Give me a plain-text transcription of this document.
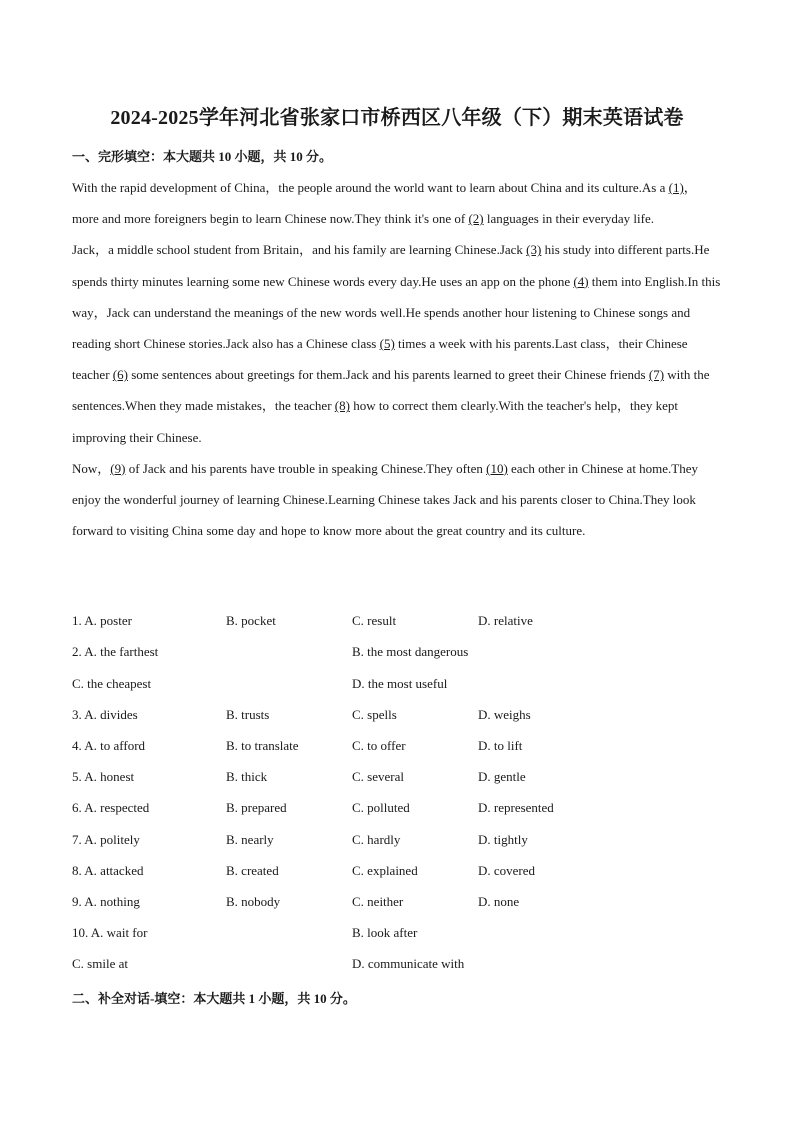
2024-2025学年河北省张家口市桥西区八年级（下）期末英语试卷
一、完形填空：本大题共 10 小题，共 10 分。

With the rapid development of China，the people around the world want to learn about China and its culture.As a (1)，more and more foreigners begin to learn Chinese now.They think it's one of (2) languages in their everyday life.

Jack，a middle school student from Britain，and his family are learning Chinese.Jack (3) his study into different parts.He spends thirty minutes learning some new Chinese words every day.He uses an app on the phone (4) them into English.In this way，Jack can understand the meanings of the new words well.He spends another hour listening to Chinese songs and reading short Chinese stories.Jack also has a Chinese class (5) times a week with his parents.Last class，their Chinese teacher (6) some sentences about greetings for them.Jack and his parents learned to greet their Chinese friends (7) with the sentences.When they made mistakes，the teacher (8) how to correct them clearly.With the teacher's help，they kept improving their Chinese.

Now，(9) of Jack and his parents have trouble in speaking Chinese.They often (10) each other in Chinese at home.They enjoy the wonderful journey of learning Chinese.Learning Chinese takes Jack and his parents closer to China.They look forward to visiting China some day and hope to know more about the great country and its culture.

1. A. poster	B. pocket	C. result	D. relative
2. A. the farthest	B. the most dangerous
C. the cheapest	D. the most useful
3. A. divides	B. trusts	C. spells	D. weighs
4. A. to afford	B. to translate	C. to offer	D. to lift
5. A. honest	B. thick	C. several	D. gentle
6. A. respected	B. prepared	C. polluted	D. represented
7. A. politely	B. nearly	C. hardly	D. tightly
8. A. attacked	B. created	C. explained	D. covered
9. A. nothing	B. nobody	C. neither	D. none
10. A. wait for	B. look after
C. smile at	D. communicate with
二、补全对话-填空：本大题共 1 小题，共 10 分。
